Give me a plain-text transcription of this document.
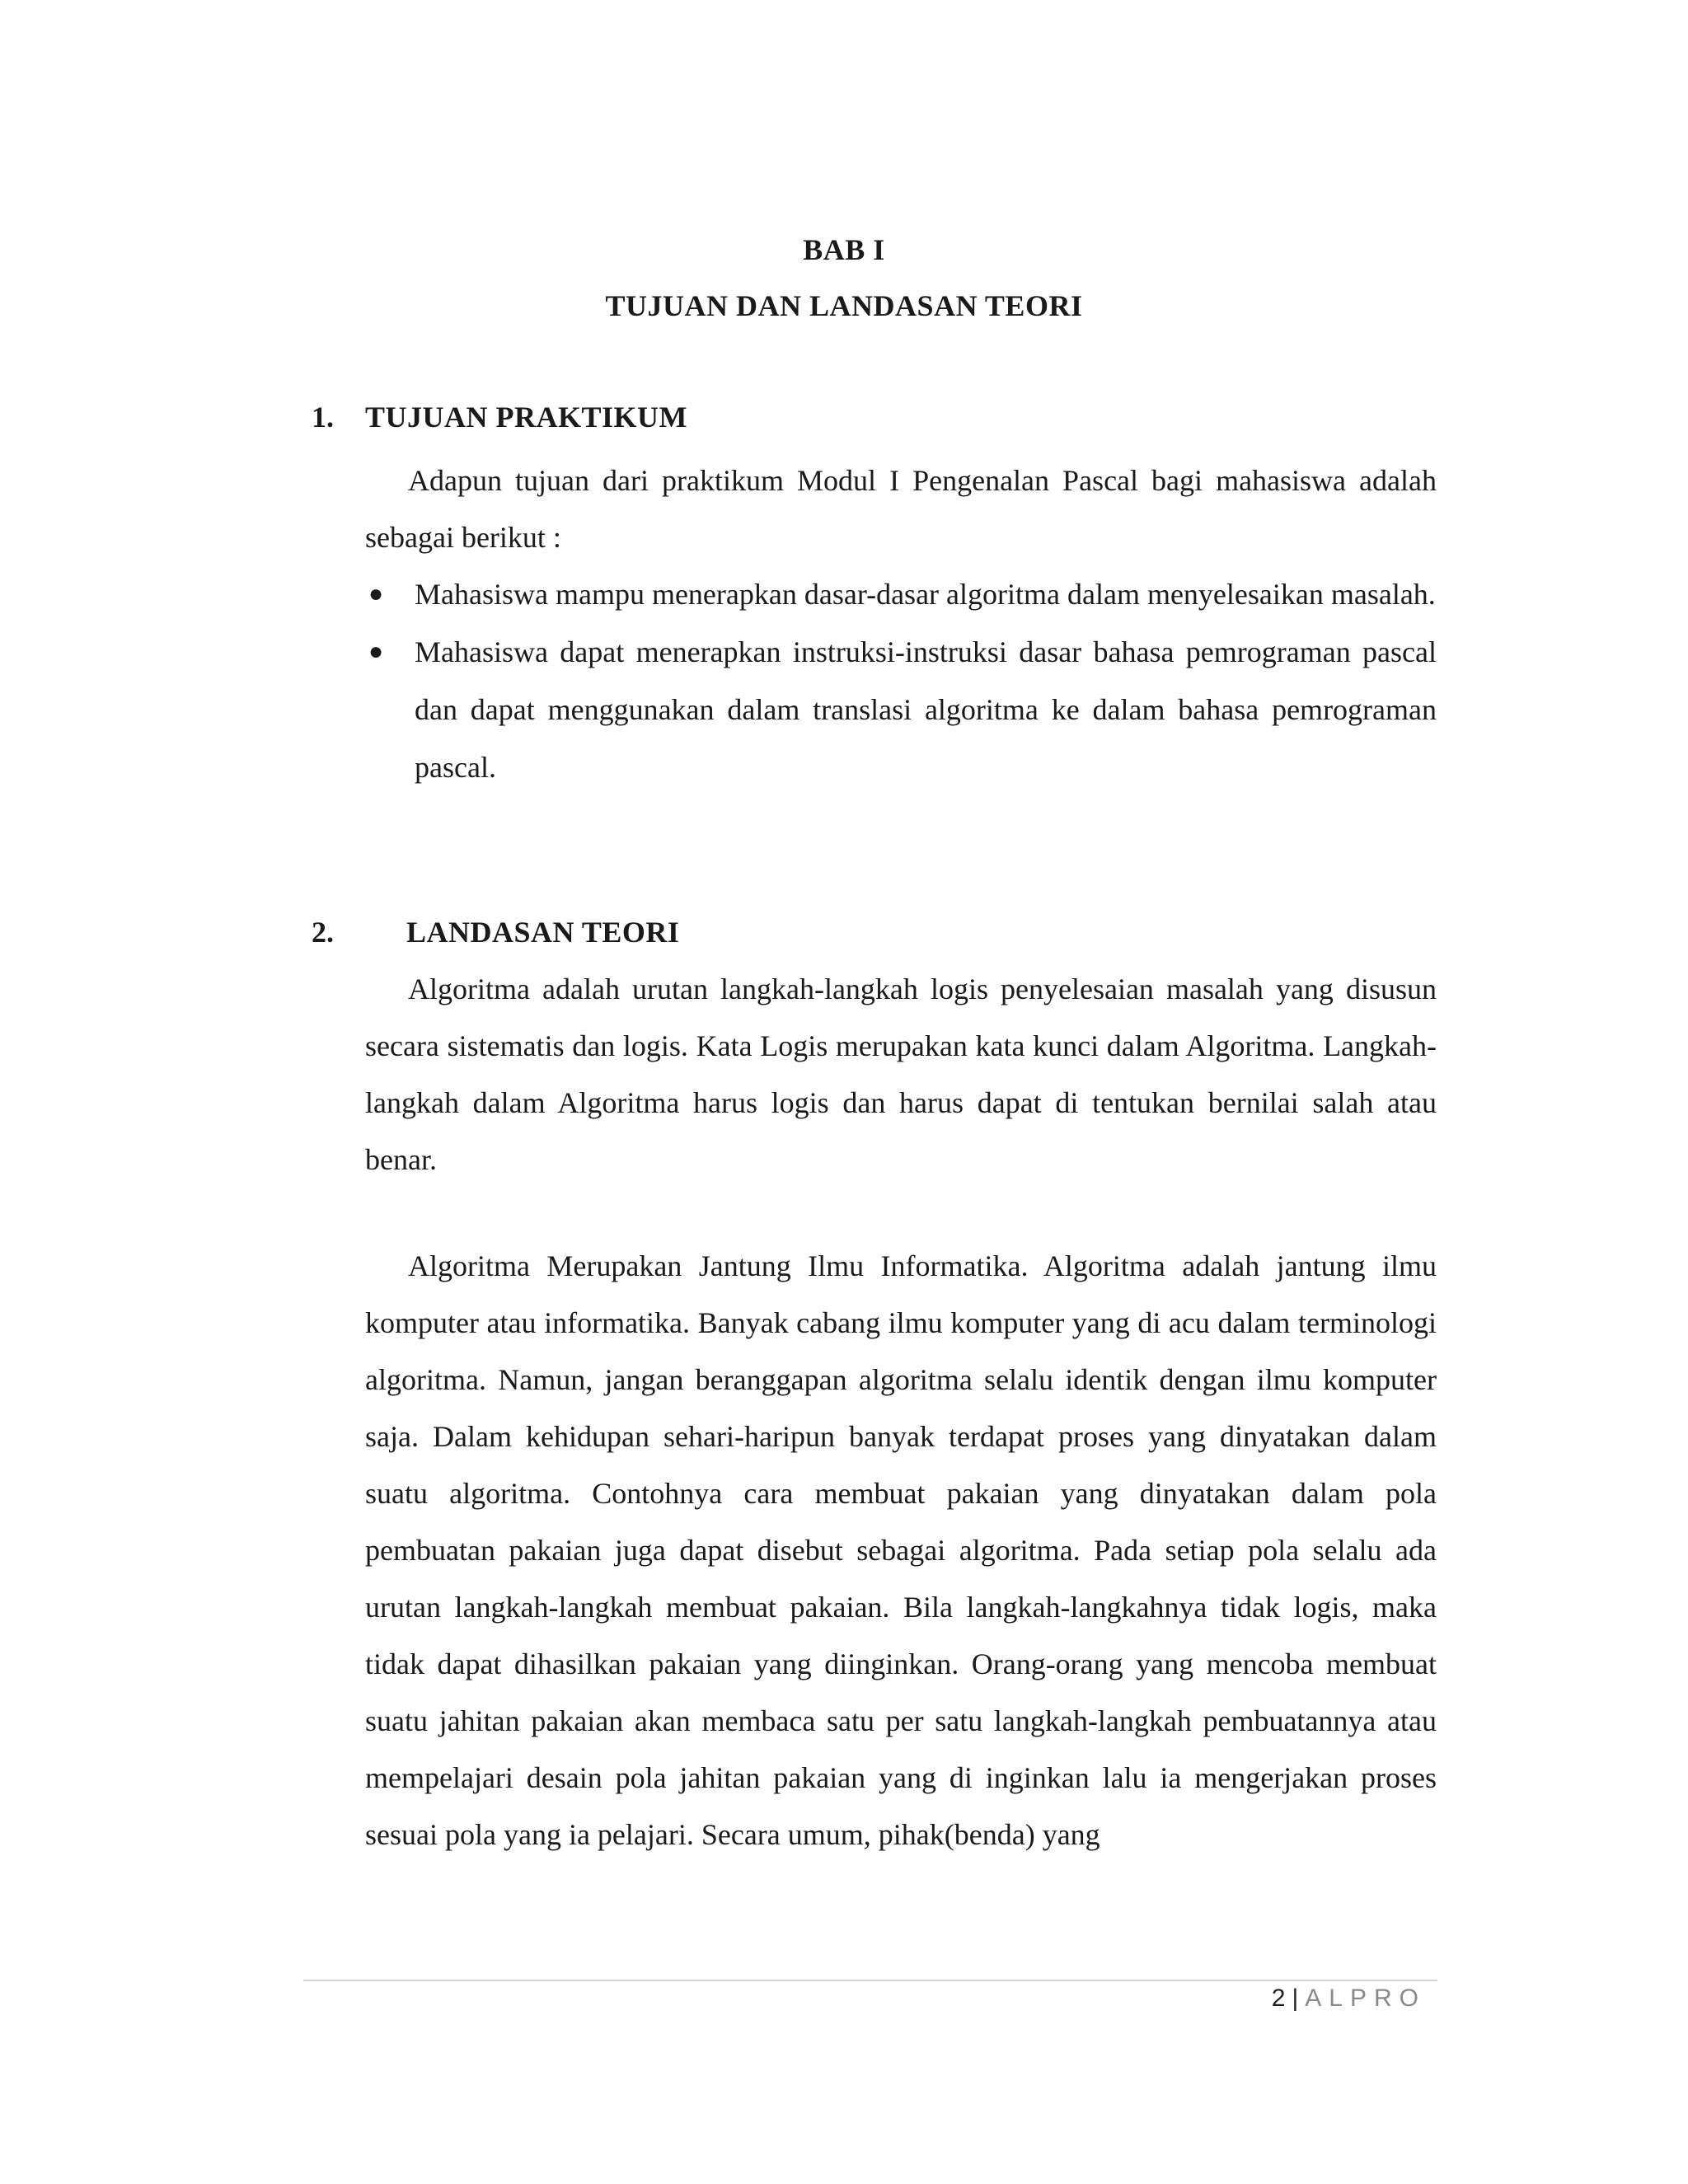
BAB I
TUJUAN DAN LANDASAN TEORI
1. TUJUAN PRAKTIKUM

Adapun tujuan dari praktikum Modul I Pengenalan Pascal bagi mahasiswa adalah sebagai berikut :

● Mahasiswa mampu menerapkan dasar-dasar algoritma dalam menyelesaikan masalah.
● Mahasiswa dapat menerapkan instruksi-instruksi dasar bahasa pemrograman pascal dan dapat menggunakan dalam translasi algoritma ke dalam bahasa pemrograman pascal.
2. LANDASAN TEORI

Algoritma adalah urutan langkah-langkah logis penyelesaian masalah yang disusun secara sistematis dan logis. Kata Logis merupakan kata kunci dalam Algoritma. Langkah-langkah dalam Algoritma harus logis dan harus dapat di tentukan bernilai salah atau benar.

Algoritma Merupakan Jantung Ilmu Informatika. Algoritma adalah jantung ilmu komputer atau informatika. Banyak cabang ilmu komputer yang di acu dalam terminologi algoritma. Namun, jangan beranggapan algoritma selalu identik dengan ilmu komputer saja. Dalam kehidupan sehari-haripun banyak terdapat proses yang dinyatakan dalam suatu algoritma. Contohnya cara membuat pakaian yang dinyatakan dalam pola pembuatan pakaian juga dapat disebut sebagai algoritma. Pada setiap pola selalu ada urutan langkah-langkah membuat pakaian. Bila langkah-langkahnya tidak logis, maka tidak dapat dihasilkan pakaian yang diinginkan. Orang-orang yang mencoba membuat suatu jahitan pakaian akan membaca satu per satu langkah-langkah pembuatannya atau mempelajari desain pola jahitan pakaian yang di inginkan lalu ia mengerjakan proses sesuai pola yang ia pelajari. Secara umum, pihak(benda) yang

2 | ALPRO
